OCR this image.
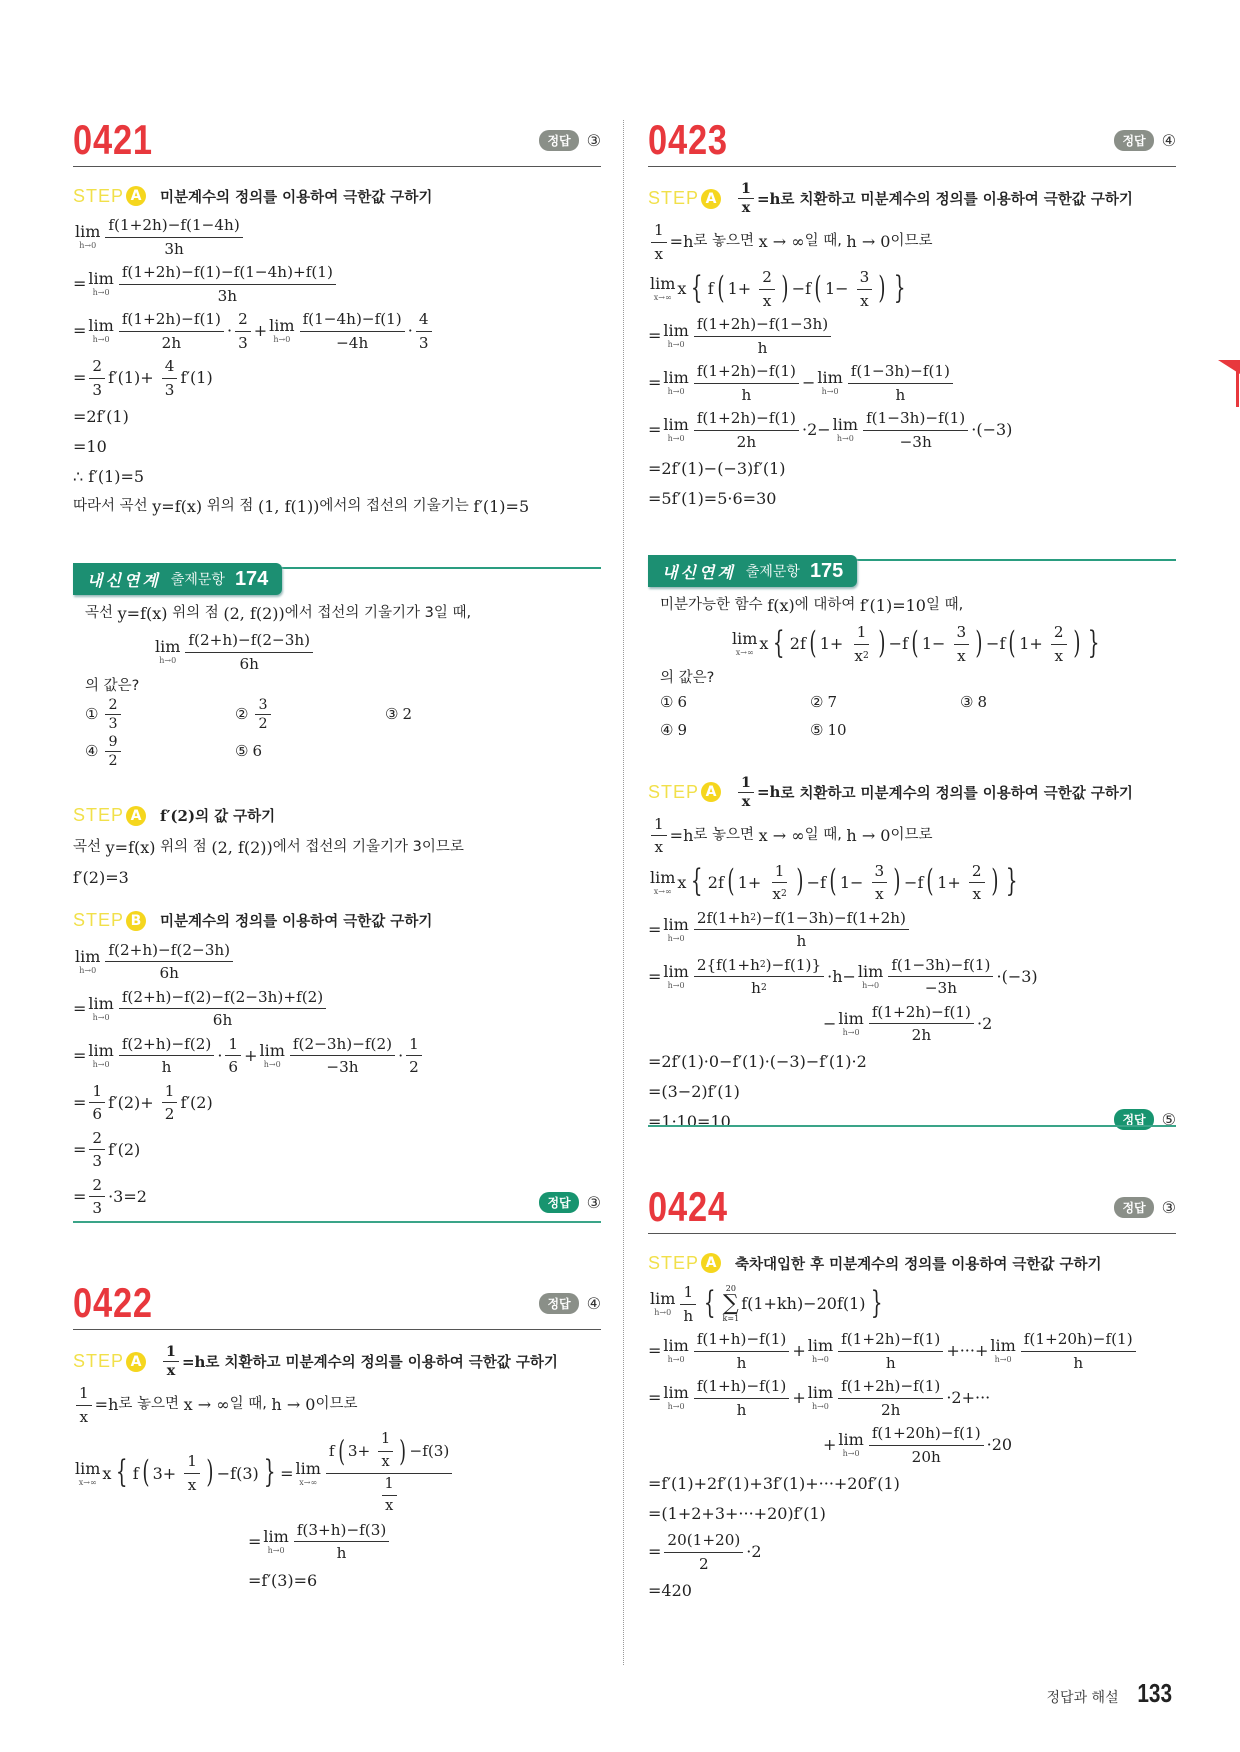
0421	정답	③
STEP A	미분계수의 정의를 이용하여 극한값 구하기
lim
$h\to 0 \frac{f(1+2h)-f(1-4h)}{3h}$
= lim
$h\to 0 \frac{f(1+2h)-f(1)-f(1-4h)+f(1)}{3h}$
= lim
$h\to 0 \frac{f(1+2h)-f(1)}{2h} \cdot \frac{2}{3} + \lim$
$h\to 0 \frac{f(1-4h)-f(1)}{-4h} \cdot \frac{4}{3}$
= $\frac{2}{3} f'(1)+ \frac{4}{3} f'(1)$
=2f′(1)
=10
∴ f′(1)=5
따라서 곡선 y=f(x) 위의 점 (1, f(1)) 에서의 접선의 기울기는 f′(1)=5
내신연계 출제문항 174
곡선 y=f(x) 위의 점 (2, f(2)) 에서 접선의 기울기가 3일 때,
lim
$h\to 0 \frac{f(2+h)-f(2-3h)}{6h}$
의 값은?
① $\frac{2}{3}$	② $\frac{3}{2}$	③ 2
④ $\frac{9}{2}$	⑤ 6
STEP A	f′(2) 의 값 구하기
곡선 y=f(x) 위의 점 (2, f(2)) 에서 접선의 기울기가 3이므로
f′(2)=3
STEP B	미분계수의 정의를 이용하여 극한값 구하기
lim
$h\to 0 \frac{f(2+h)-f(2-3h)}{6h}$
= lim
$h\to 0 \frac{f(2+h)-f(2)-f(2-3h)+f(2)}{6h}$
= lim
$h\to 0 \frac{f(2+h)-f(2)}{h} \cdot \frac{1}{6} + \lim$
$h\to 0 \frac{f(2-3h)-f(2)}{-3h} \cdot \frac{1}{2}$
= $\frac{1}{6} f'(2)+ \frac{1}{2} f'(2)$
= $\frac{2}{3} f'(2)$
= $\frac{2}{3} \cdot 3=2$	정답	③
0422	정답	④
STEP A	$\frac{1}{x} =h$ 로 치환하고 미분계수의 정의를 이용하여 극한값 구하기
$\frac{1}{x} =h$ 로 놓으면 x → ∞ 일 때, h → 0 이므로
lim
x→∞ x { f ( $3+ \frac{1}{x}$ ) −f(3) } = lim
$x\to\infty \frac{f ( 3+ \frac{1}{x} ) -f(3)}{\frac{1}{x}}$
= lim
$h\to 0 \frac{f(3+h)-f(3)}{h}$
=f′(3)=6
0423	정답	④
STEP A	$\frac{1}{x} =h$ 로 치환하고 미분계수의 정의를 이용하여 극한값 구하기
$\frac{1}{x} =h$ 로 놓으면 x → ∞ 일 때, h → 0 이므로
lim
x→∞ x { f ( $1+ \frac{2}{x}$ ) −f ( $1- \frac{3}{x}$ ) }
= lim
$h\to 0 \frac{f(1+2h)-f(1-3h)}{h}$
= lim
$h\to 0 \frac{f(1+2h)-f(1)}{h} - \lim$
$h\to 0 \frac{f(1-3h)-f(1)}{h}$
= lim
$h\to 0 \frac{f(1+2h)-f(1)}{2h} \cdot 2- \lim$
$h\to 0 \frac{f(1-3h)-f(1)}{-3h} \cdot(-3)$
=2f′(1)−(−3)f′(1)
=5f′(1)=5·6=30
내신연계 출제문항 175
미분가능한 함수 f(x) 에 대하여 f′(1)=10 일 때,
lim
x→∞ x { 2f ( $1+ \frac{1}{x 2}$ ) −f ( $1- \frac{3}{x}$ ) −f ( $1+ \frac{2}{x}$ ) }
의 값은?
① 6	② 7	③ 8
④ 9	⑤ 10
STEP A	$\frac{1}{x} =h$ 로 치환하고 미분계수의 정의를 이용하여 극한값 구하기
$\frac{1}{x} =h$ 로 놓으면 x → ∞ 일 때, h → 0 이므로
lim
x→∞ x { 2f ( $1+ \frac{1}{x 2}$ ) −f ( $1- \frac{3}{x}$ ) −f ( $1+ \frac{2}{x}$ ) }
= lim
$h\to 0 \frac{2f(1+h 2 )-f(1-3h)-f(1+2h)}{h}$
= lim
$h\to 0 \frac{2\{f(1+h 2 )-f(1)\}}{h 2} \cdot h- \lim$
$h\to 0 \frac{f(1-3h)-f(1)}{-3h} \cdot(-3)$
− lim
$h\to 0 \frac{f(1+2h)-f(1)}{2h} \cdot 2$
=2f′(1)·0−f′(1)·(−3)−f′(1)·2
=(3−2)f′(1)
=1·10=10	정답	⑤
0424	정답	③
STEP A	축차대입한 후 미분계수의 정의를 이용하여 극한값 구하기
lim
$h\to 0 \frac{1}{h}$ { 20
∑
k=1
f(1+kh)−20f(1) }
= lim
$h\to 0 \frac{f(1+h)-f(1)}{h} + \lim$
$h\to 0 \frac{f(1+2h)-f(1)}{h}$ +···+ lim
$h\to 0 \frac{f(1+20h)-f(1)}{h}$
= lim
$h\to 0 \frac{f(1+h)-f(1)}{h} + \lim$
$h\to 0 \frac{f(1+2h)-f(1)}{2h} \cdot 2+\cdot\cdot\cdot$
+ lim
$h\to 0 \frac{f(1+20h)-f(1)}{20h} \cdot 20$
=f′(1)+2f′(1)+3f′(1)+···+20f′(1)
=(1+2+3+···+20)f′(1)
= $\frac{20(1+20)}{2} \cdot 2$
=420
정답과 해설 133
